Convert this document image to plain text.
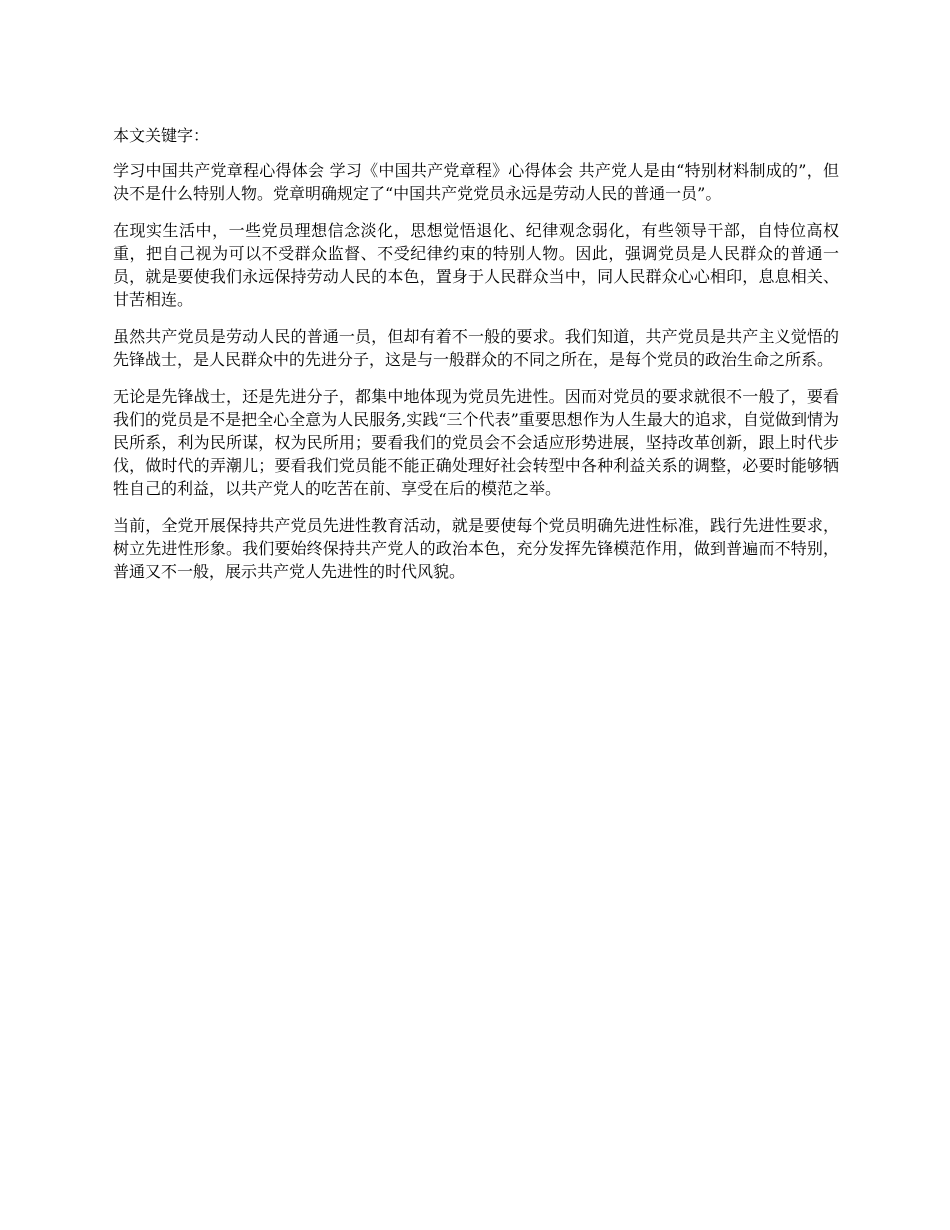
本文关键字：

学习中国共产党章程心得体会 学习《中国共产党章程》心得体会 共产党人是由“特别材料制成的”，但决不是什么特别人物。党章明确规定了“中国共产党党员永远是劳动人民的普通一员”。

在现实生活中，一些党员理想信念淡化，思想觉悟退化、纪律观念弱化，有些领导干部，自恃位高权重，把自己视为可以不受群众监督、不受纪律约束的特别人物。因此，强调党员是人民群众的普通一员，就是要使我们永远保持劳动人民的本色，置身于人民群众当中，同人民群众心心相印，息息相关、甘苦相连。

虽然共产党员是劳动人民的普通一员，但却有着不一般的要求。我们知道，共产党员是共产主义觉悟的先锋战士，是人民群众中的先进分子，这是与一般群众的不同之所在，是每个党员的政治生命之所系。

无论是先锋战士，还是先进分子，都集中地体现为党员先进性。因而对党员的要求就很不一般了，要看我们的党员是不是把全心全意为人民服务,实践“三个代表”重要思想作为人生最大的追求，自觉做到情为民所系，利为民所谋，权为民所用；要看我们的党员会不会适应形势进展，坚持改革创新，跟上时代步伐，做时代的弄潮儿；要看我们党员能不能正确处理好社会转型中各种利益关系的调整，必要时能够牺牲自己的利益，以共产党人的吃苦在前、享受在后的模范之举。

当前，全党开展保持共产党员先进性教育活动，就是要使每个党员明确先进性标准，践行先进性要求，树立先进性形象。我们要始终保持共产党人的政治本色，充分发挥先锋模范作用，做到普遍而不特别，普通又不一般，展示共产党人先进性的时代风貌。
